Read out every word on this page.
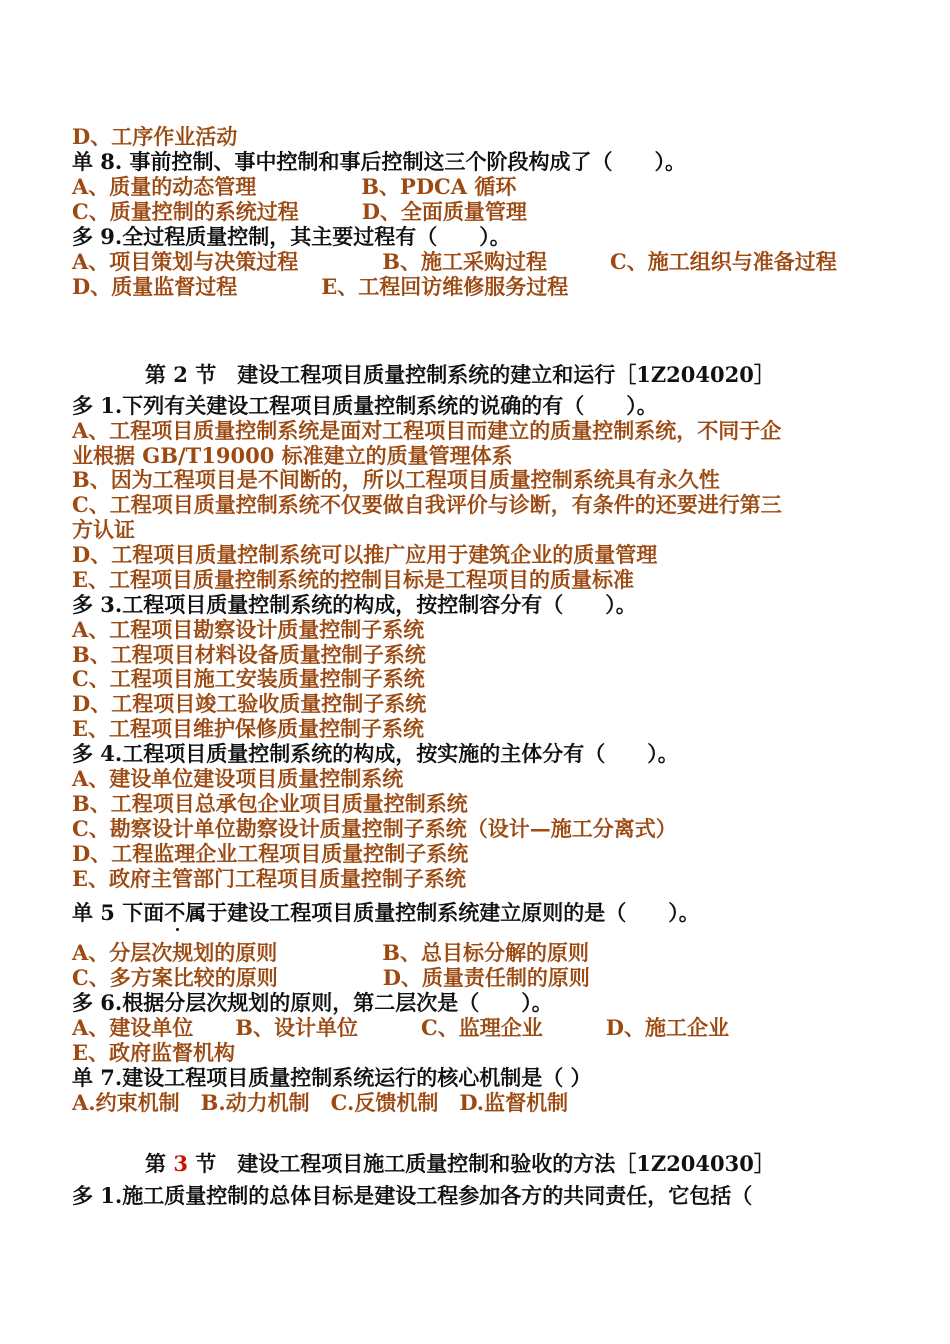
D、工序作业活动
单 8. 事前控制、事中控制和事后控制这三个阶段构成了（　　）。
A、质量的动态管理　　　　　B、PDCA 循环
C、质量控制的系统过程　　　D、全面质量管理
多 9.全过程质量控制，其主要过程有（　　）。
A、项目策划与决策过程　　　　B、施工采购过程　　　C、施工组织与准备过程
D、质量监督过程　　　　E、工程回访维修服务过程
第 2 节　建设工程项目质量控制系统的建立和运行［1Z204020］
多 1.下列有关建设工程项目质量控制系统的说确的有（　　）。
A、工程项目质量控制系统是面对工程项目而建立的质量控制系统，不同于企
业根据 GB/T19000 标准建立的质量管理体系
B、因为工程项目是不间断的，所以工程项目质量控制系统具有永久性
C、工程项目质量控制系统不仅要做自我评价与诊断，有条件的还要进行第三
方认证
D、工程项目质量控制系统可以推广应用于建筑企业的质量管理
E、工程项目质量控制系统的控制目标是工程项目的质量标准
多 3.工程项目质量控制系统的构成，按控制容分有（　　）。
A、工程项目勘察设计质量控制子系统
B、工程项目材料设备质量控制子系统
C、工程项目施工安装质量控制子系统
D、工程项目竣工验收质量控制子系统
E、工程项目维护保修质量控制子系统
多 4.工程项目质量控制系统的构成，按实施的主体分有（　　）。
A、建设单位建设项目质量控制系统
B、工程项目总承包企业项目质量控制系统
C、勘察设计单位勘察设计质量控制子系统（设计—施工分离式）
D、工程监理企业工程项目质量控制子系统
E、政府主管部门工程项目质量控制子系统
单 5 下面不属于建设工程项目质量控制系统建立原则的是（　　）。
A、分层次规划的原则　　　　　B、总目标分解的原则
C、多方案比较的原则　　　　　D、质量责任制的原则
多 6.根据分层次规划的原则，第二层次是（　　）。
A、建设单位　　B、设计单位　　　C、监理企业　　　D、施工企业
E、政府监督机构
单 7.建设工程项目质量控制系统运行的核心机制是（ ）
A.约束机制　B.动力机制　C.反馈机制　D.监督机制
第 3 节　建设工程项目施工质量控制和验收的方法［1Z204030］
多 1.施工质量控制的总体目标是建设工程参加各方的共同责任，它包括（
